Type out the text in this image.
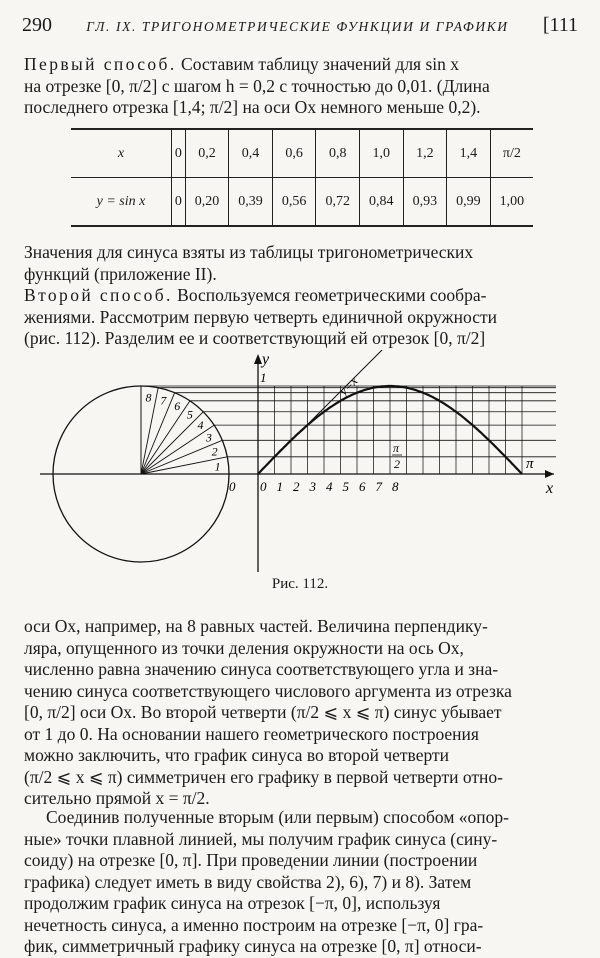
290	ГЛ. IX. ТРИГОНОМЕТРИЧЕСКИЕ ФУНКЦИИ И ГРАФИКИ [111
Первый способ. Составим таблицу значений для sin x
на отрезке [0, π/2] с шагом h = 0,2 с точностью до 0,01. (Длина
последнего отрезка [1,4; π/2] на оси Ox немного меньше 0,2).
x	0	0,2	0,4	0,6	0,8	1,0	1,2	1,4	π/2
y = sin x	0	0,20	0,39	0,56	0,72	0,84	0,93	0,99	1,00
Значения для синуса взяты из таблицы тригонометрических
функций (приложение II).
Второй способ. Воспользуемся геометрическими сообра-
жениями. Рассмотрим первую четверть единичной окружности
(рис. 112). Разделим ее и соответствующий ей отрезок [0, π/2]
y
x
1
0
π
π
2
y=x
1
2
3
4
5
6
7
8
0 1 2 3 4 5 6 7 8
Рис. 112.
оси Ox, например, на 8 равных частей. Величина перпендику-
ляра, опущенного из точки деления окружности на ось Ox,
численно равна значению синуса соответствующего угла и зна-
чению синуса соответствующего числового аргумента из отрезка
[0, π/2] оси Ox. Во второй четверти (π/2 ⩽ x ⩽ π) синус убывает
от 1 до 0. На основании нашего геометрического построения
можно заключить, что график синуса во второй четверти
(π/2 ⩽ x ⩽ π) симметричен его графику в первой четверти отно-
сительно прямой x = π/2.
Соединив полученные вторым (или первым) способом «опор-
ные» точки плавной линией, мы получим график синуса (сину-
соиду) на отрезке [0, π]. При проведении линии (построении
графика) следует иметь в виду свойства 2), 6), 7) и 8). Затем
продолжим график синуса на отрезок [−π, 0], используя
нечетность синуса, а именно построим на отрезке [−π, 0] гра-
фик, симметричный графику синуса на отрезке [0, π] относи-
